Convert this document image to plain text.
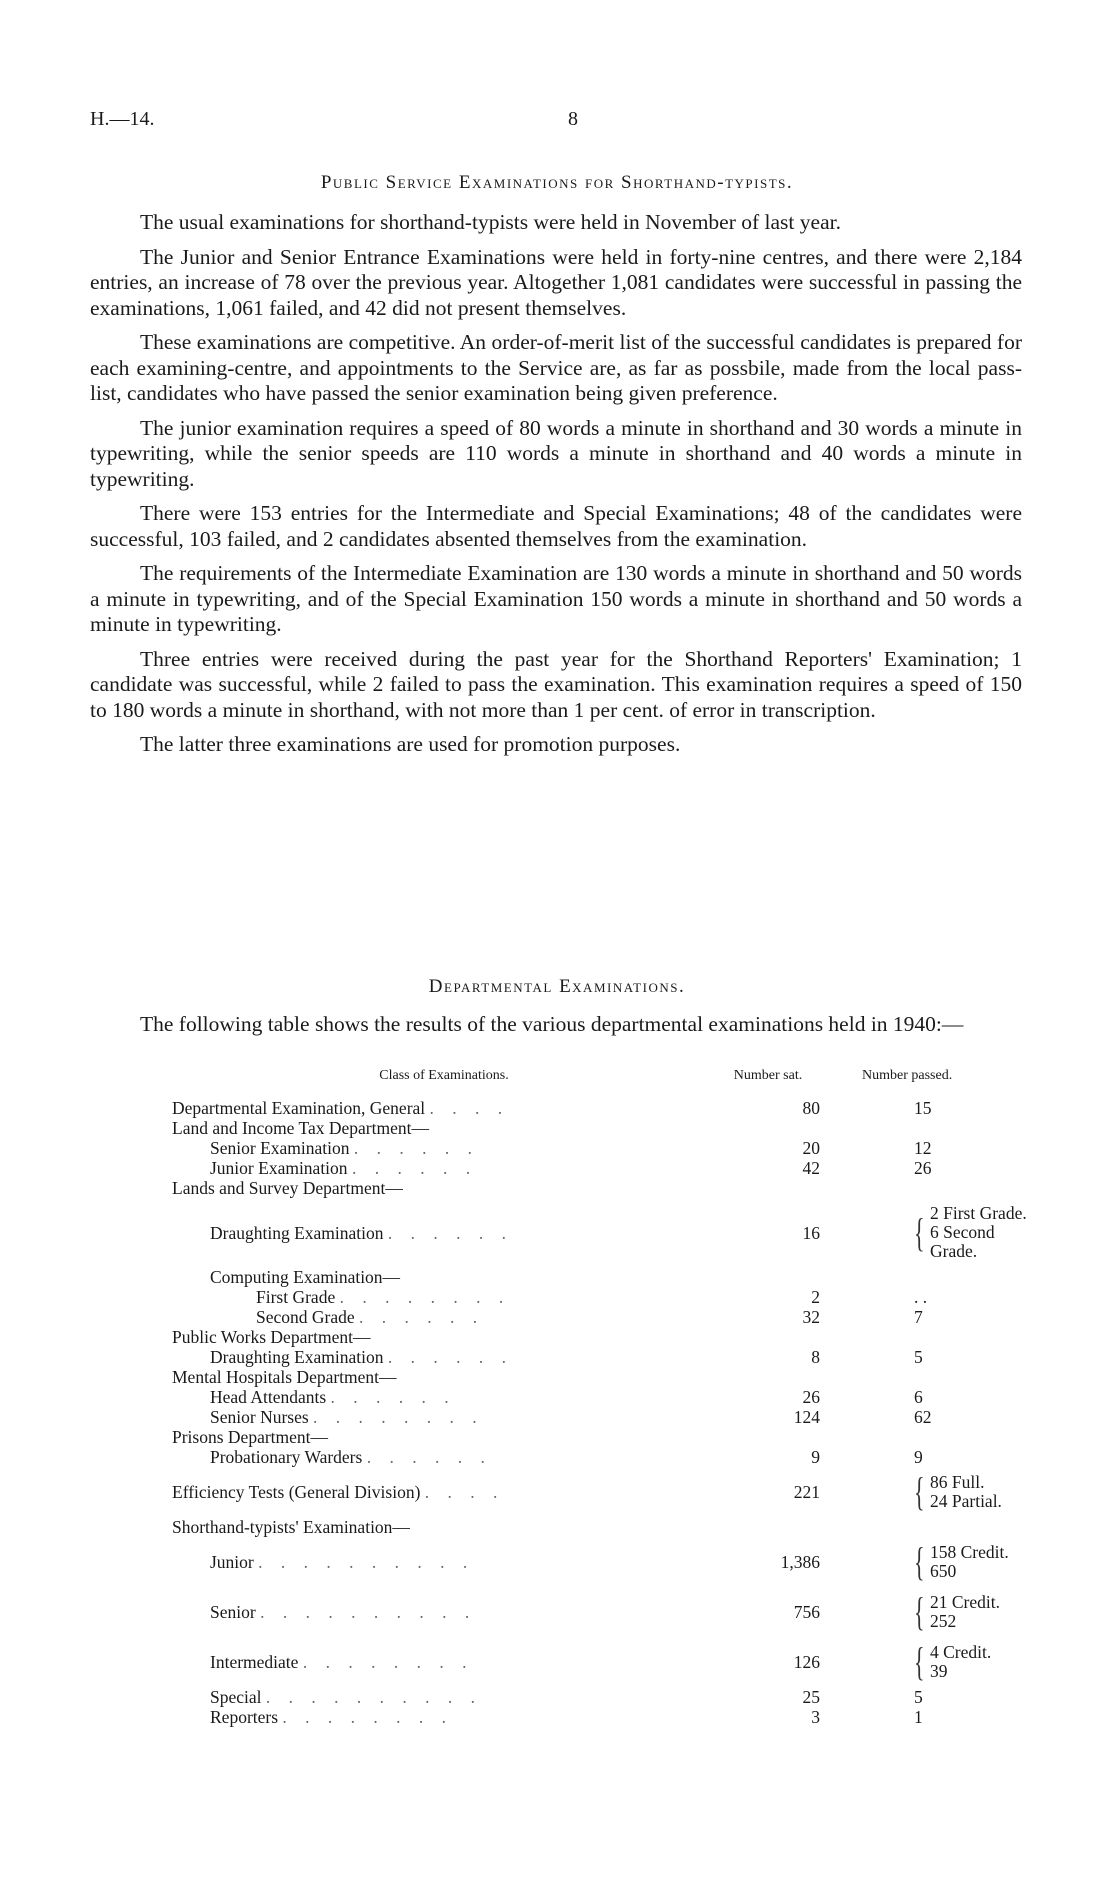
H.—14.	8
Public Service Examinations for Shorthand-typists.

The usual examinations for shorthand-typists were held in November of last year.

The Junior and Senior Entrance Examinations were held in forty-nine centres, and there were 2,184 entries, an increase of 78 over the previous year. Altogether 1,081 candidates were successful in passing the examinations, 1,061 failed, and 42 did not present themselves.

These examinations are competitive. An order-of-merit list of the successful candidates is prepared for each examining-centre, and appointments to the Service are, as far as possbile, made from the local pass-list, candidates who have passed the senior examination being given preference.

The junior examination requires a speed of 80 words a minute in shorthand and 30 words a minute in typewriting, while the senior speeds are 110 words a minute in shorthand and 40 words a minute in typewriting.

There were 153 entries for the Intermediate and Special Examinations; 48 of the candidates were successful, 103 failed, and 2 candidates absented themselves from the examination.

The requirements of the Intermediate Examination are 130 words a minute in shorthand and 50 words a minute in typewriting, and of the Special Examination 150 words a minute in shorthand and 50 words a minute in typewriting.

Three entries were received during the past year for the Shorthand Reporters' Examination; 1 candidate was successful, while 2 failed to pass the examination. This examination requires a speed of 150 to 180 words a minute in shorthand, with not more than 1 per cent. of error in transcription.

The latter three examinations are used for promotion purposes.

Departmental Examinations.

The following table shows the results of the various departmental examinations held in 1940:—

Class of Examinations.	Number sat.	Number passed.
Departmental Examination, General . . . .	80	15
Land and Income Tax Department—		
Senior Examination . . . . . .	20	12
Junior Examination . . . . . .	42	26
Lands and Survey Department—		
Draughting Examination . . . . . .	16	{ 2 First Grade.
6 Second Grade.

Computing Examination—		
First Grade . . . . . . . .	2	. .
Second Grade . . . . . .	32	7
Public Works Department—		
Draughting Examination . . . . . .	8	5
Mental Hospitals Department—		
Head Attendants . . . . . .	26	6
Senior Nurses . . . . . . . .	124	62
Prisons Department—		
Probationary Warders . . . . . .	9	9
Efficiency Tests (General Division) . . . .	221	{ 86 Full.
24 Partial.

Shorthand-typists' Examination—		
Junior . . . . . . . . . .	1,386	{ 158 Credit.
650

Senior . . . . . . . . . .	756	{ 21 Credit.
252

Intermediate . . . . . . . .	126	{ 4 Credit.
39

Special . . . . . . . . . .	25	5
Reporters . . . . . . . .	3	1
